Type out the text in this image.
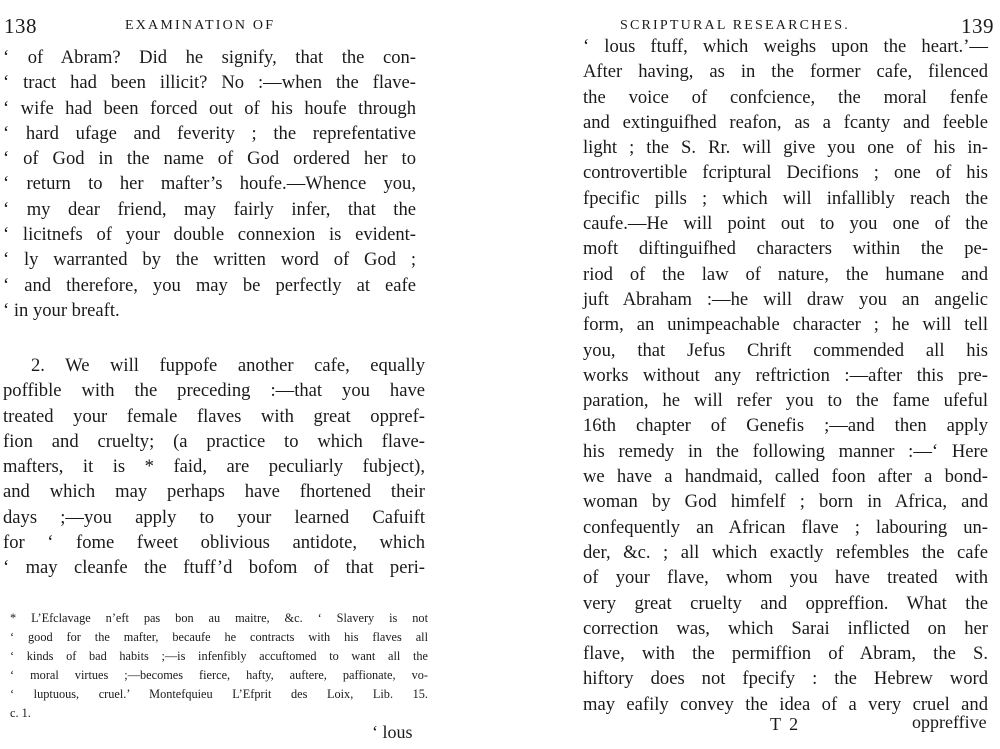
138	EXAMINATION OF
‘ of Abram? Did he signify, that the con-
‘ tract had been illicit? No :—when the flave-
‘ wife had been forced out of his houfe through
‘ hard ufage and feverity ; the reprefentative
‘ of God in the name of God ordered her to
‘ return to her mafter’s houfe.—Whence you,
‘ my dear friend, may fairly infer, that the
‘ licitnefs of your double connexion is evident-
‘ ly warranted by the written word of God ;
‘ and therefore, you may be perfectly at eafe
‘ in your breaft.
2. We will fuppofe another cafe, equally
poffible with the preceding :—that you have
treated your female flaves with great oppref-
fion and cruelty; (a practice to which flave-
mafters, it is * faid, are peculiarly fubject),
and which may perhaps have fhortened their
days ;—you apply to your learned Cafuift
for ‘ fome fweet oblivious antidote, which
‘ may cleanfe the ftuff’d bofom of that peri-
* L’Efclavage n’eft pas bon au maitre, &c. ‘ Slavery is not
‘ good for the mafter, becaufe he contracts with his flaves all
‘ kinds of bad habits ;—is infenfibly accuftomed to want all the
‘ moral virtues ;—becomes fierce, hafty, auftere, paffionate, vo-
‘ luptuous, cruel.’ Montefquieu L’Efprit des Loix, Lib. 15.
c. 1.
‘ lous
SCRIPTURAL RESEARCHES.	139
‘ lous ftuff, which weighs upon the heart.’—
After having, as in the former cafe, filenced
the voice of confcience, the moral fenfe
and extinguifhed reafon, as a fcanty and feeble
light ; the S. Rr. will give you one of his in-
controvertible fcriptural Decifions ; one of his
fpecific pills ; which will infallibly reach the
caufe.—He will point out to you one of the
moft diftinguifhed characters within the pe-
riod of the law of nature, the humane and
juft Abraham :—he will draw you an angelic
form, an unimpeachable character ; he will tell
you, that Jefus Chrift commended all his
works without any reftriction :—after this pre-
paration, he will refer you to the fame ufeful
16th chapter of Genefis ;—and then apply
his remedy in the following manner :—‘ Here
we have a handmaid, called foon after a bond-
woman by God himfelf ; born in Africa, and
confequently an African flave ; labouring un-
der, &c. ; all which exactly refembles the cafe
of your flave, whom you have treated with
very great cruelty and oppreffion. What the
correction was, which Sarai inflicted on her
flave, with the permiffion of Abram, the S.
hiftory does not fpecify : the Hebrew word
may eafily convey the idea of a very cruel and
T 2	oppreffive
